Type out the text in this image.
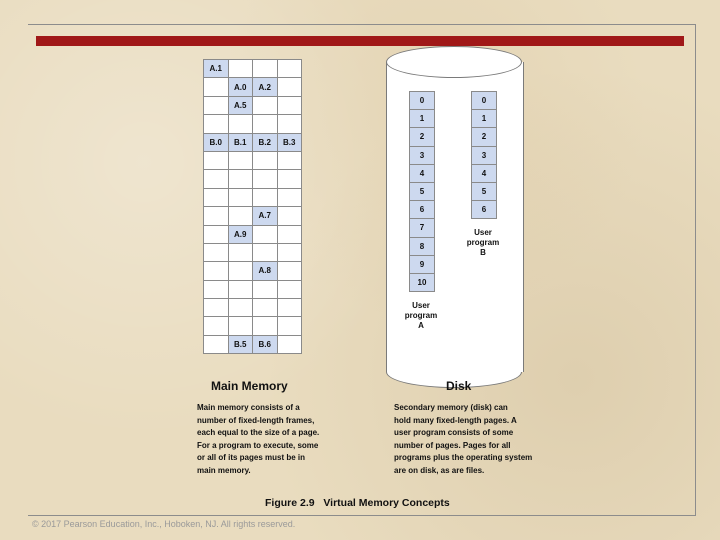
A.1			
	A.0	A.2	
	A.5		

B.0	B.1	B.2	B.3

		A.7	
	A.9		

		A.8	

	B.5	B.6	
Main Memory
Main memory consists of a
number of fixed-length frames,
each equal to the size of a page.
For a program to execute, some
or all of its pages must be in
main memory.
0
1
2
3
4
5
6
7
8
9
10
0
1
2
3
4
5
6
User
program
A
User
program
B
Disk
Secondary memory (disk) can
hold many fixed-length pages. A
user program consists of some
number of pages. Pages for all
programs plus the operating system
are on disk, as are files.
Figure 2.9   Virtual Memory Concepts
© 2017 Pearson Education, Inc., Hoboken, NJ. All rights reserved.
